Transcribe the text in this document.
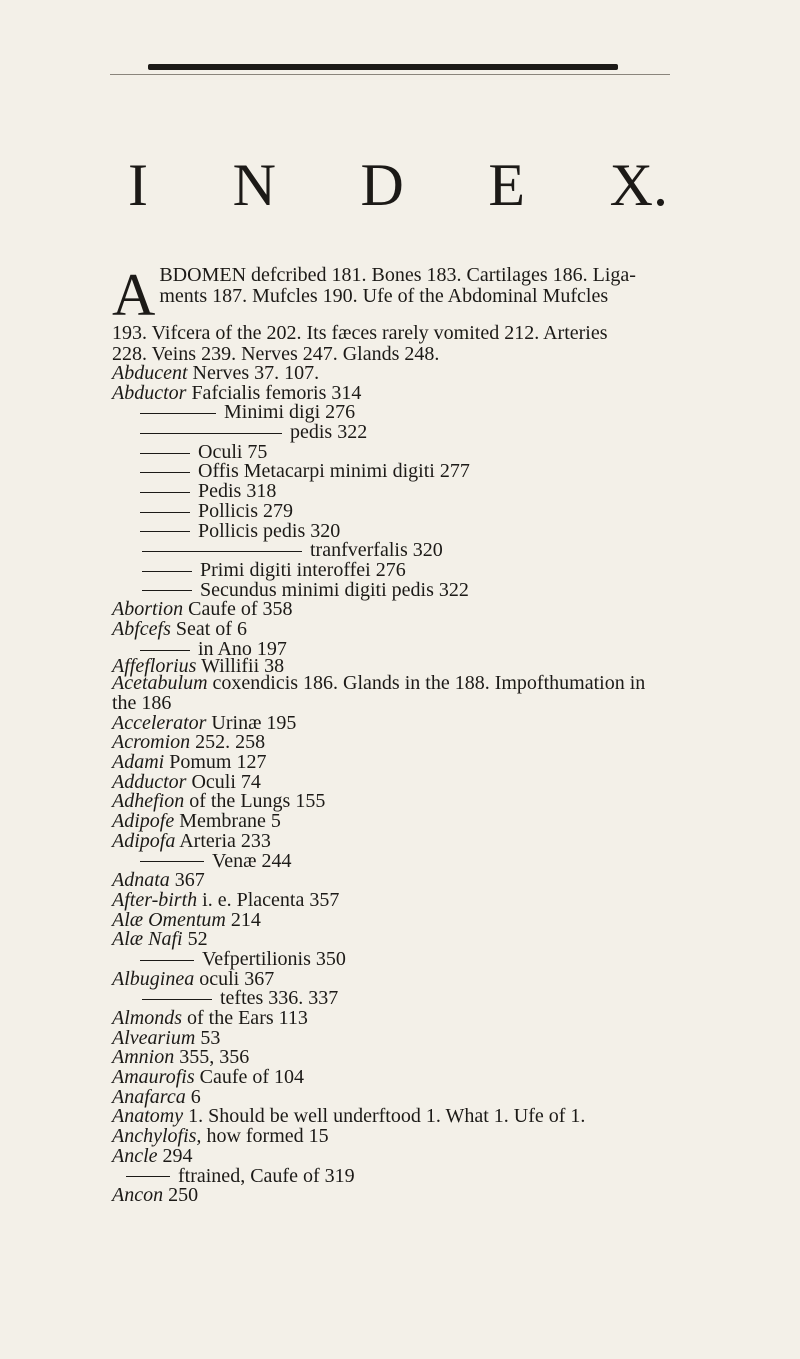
I N D E X.
A BDOMEN defcribed 181. Bones 183. Cartilages 186. Liga-
ments 187. Mufcles 190. Ufe of the Abdominal Mufcles
193. Vifcera of the 202. Its fæces rarely vomited 212. Arteries
228. Veins 239. Nerves 247. Glands 248.
Abducent Nerves 37. 107.
Abductor Fafcialis femoris 314
Minimi digi 276
pedis 322
Oculi 75
Offis Metacarpi minimi digiti 277
Pedis 318
Pollicis 279
Pollicis pedis 320
tranfverfalis 320
Primi digiti interoffei 276
Secundus minimi digiti pedis 322
Abortion Caufe of 358
Abfcefs Seat of 6
in Ano 197
Affeflorius Willifii 38
Acetabulum coxendicis 186. Glands in the 188. Impofthumation in
the 186
Accelerator Urinæ 195
Acromion 252. 258
Adami Pomum 127
Adductor Oculi 74
Adhefion of the Lungs 155
Adipofe Membrane 5
Adipofa Arteria 233
Venæ 244
Adnata 367
After-birth i. e. Placenta 357
Alæ Omentum 214
Alæ Nafi 52
Vefpertilionis 350
Albuginea oculi 367
teftes 336. 337
Almonds of the Ears 113
Alvearium 53
Amnion 355, 356
Amaurofis Caufe of 104
Anafarca 6
Anatomy 1. Should be well underftood 1. What 1. Ufe of 1.
Anchylofis, how formed 15
Ancle 294
ftrained, Caufe of 319
Ancon 250
